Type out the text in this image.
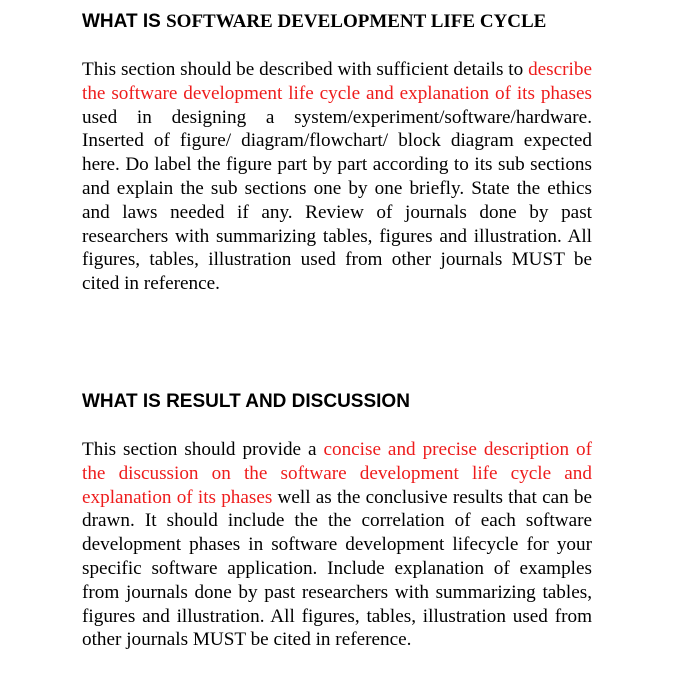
WHAT IS SOFTWARE DEVELOPMENT LIFE CYCLE

This section should be described with sufficient details to describe the software development life cycle and explanation of its phases used in designing a system/experiment/software/hardware. Inserted of figure/ diagram/flowchart/ block diagram expected here. Do label the figure part by part according to its sub sections and explain the sub sections one by one briefly. State the ethics and laws needed if any. Review of journals done by past researchers with summarizing tables, figures and illustration. All figures, tables, illustration used from other journals MUST be cited in reference.

WHAT IS RESULT AND DISCUSSION

This section should provide a concise and precise description of the discussion on the software development life cycle and explanation of its phases well as the conclusive results that can be drawn. It should include the the correlation of each software development phases in software development lifecycle for your specific software application. Include explanation of examples from journals done by past researchers with summarizing tables, figures and illustration. All figures, tables, illustration used from other journals MUST be cited in reference.
